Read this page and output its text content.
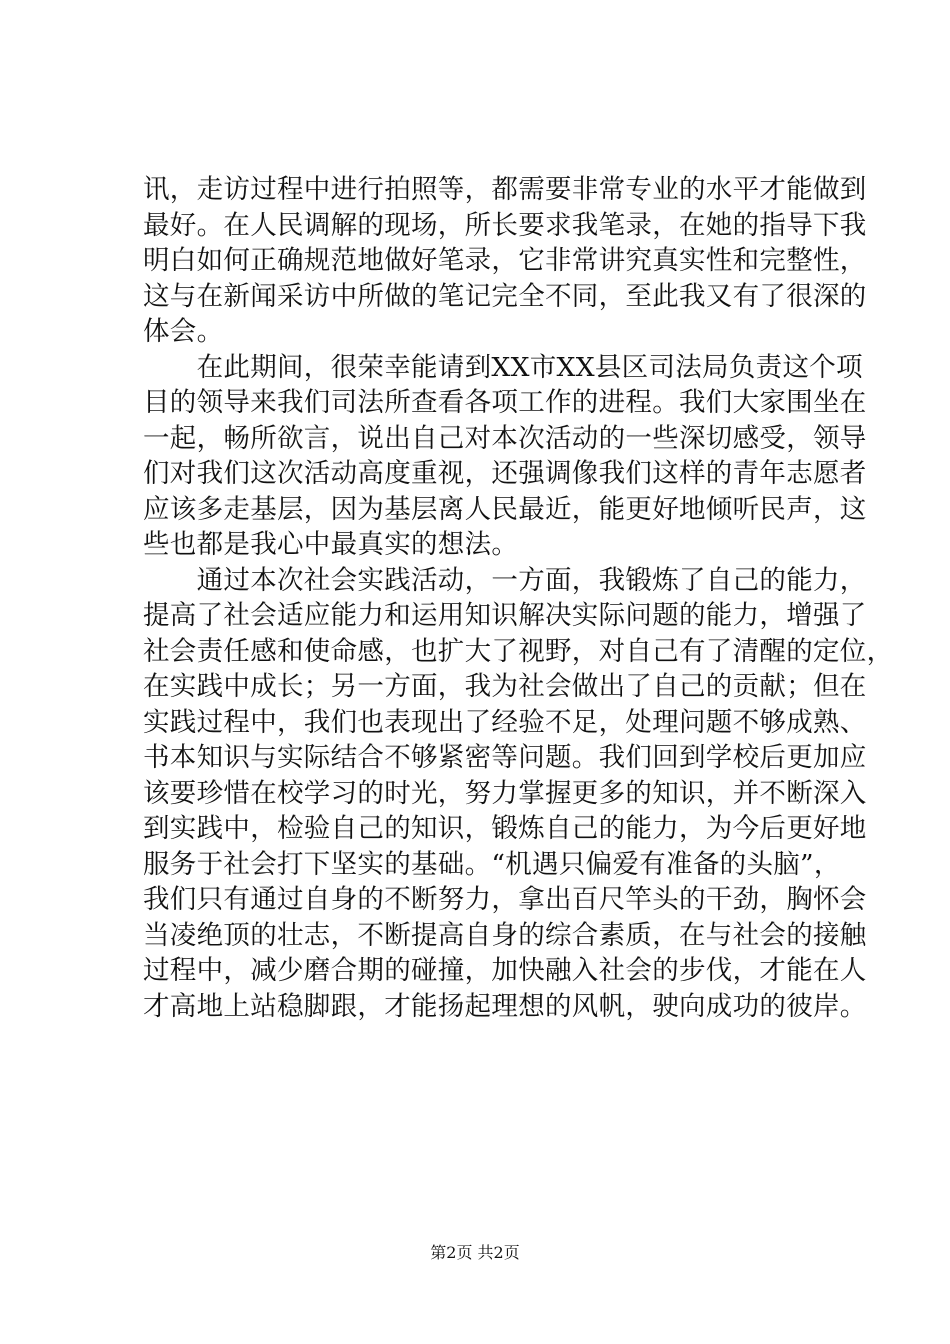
讯，走访过程中进行拍照等，都需要非常专业的水平才能做到
最好。在人民调解的现场，所长要求我笔录，在她的指导下我
明白如何正确规范地做好笔录，它非常讲究真实性和完整性，
这与在新闻采访中所做的笔记完全不同，至此我又有了很深的
体会。
　　在此期间，很荣幸能请到XX市XX县区司法局负责这个项
目的领导来我们司法所查看各项工作的进程。我们大家围坐在
一起，畅所欲言，说出自己对本次活动的一些深切感受，领导
们对我们这次活动高度重视，还强调像我们这样的青年志愿者
应该多走基层，因为基层离人民最近，能更好地倾听民声，这
些也都是我心中最真实的想法。
　　通过本次社会实践活动，一方面，我锻炼了自己的能力，
提高了社会适应能力和运用知识解决实际问题的能力，增强了
社会责任感和使命感，也扩大了视野，对自己有了清醒的定位，
在实践中成长；另一方面，我为社会做出了自己的贡献；但在
实践过程中，我们也表现出了经验不足，处理问题不够成熟、
书本知识与实际结合不够紧密等问题。我们回到学校后更加应
该要珍惜在校学习的时光，努力掌握更多的知识，并不断深入
到实践中，检验自己的知识，锻炼自己的能力，为今后更好地
服务于社会打下坚实的基础。“机遇只偏爱有准备的头脑”，
我们只有通过自身的不断努力，拿出百尺竿头的干劲，胸怀会
当凌绝顶的壮志，不断提高自身的综合素质，在与社会的接触
过程中，减少磨合期的碰撞，加快融入社会的步伐，才能在人
才高地上站稳脚跟，才能扬起理想的风帆，驶向成功的彼岸。
第2页 共2页
